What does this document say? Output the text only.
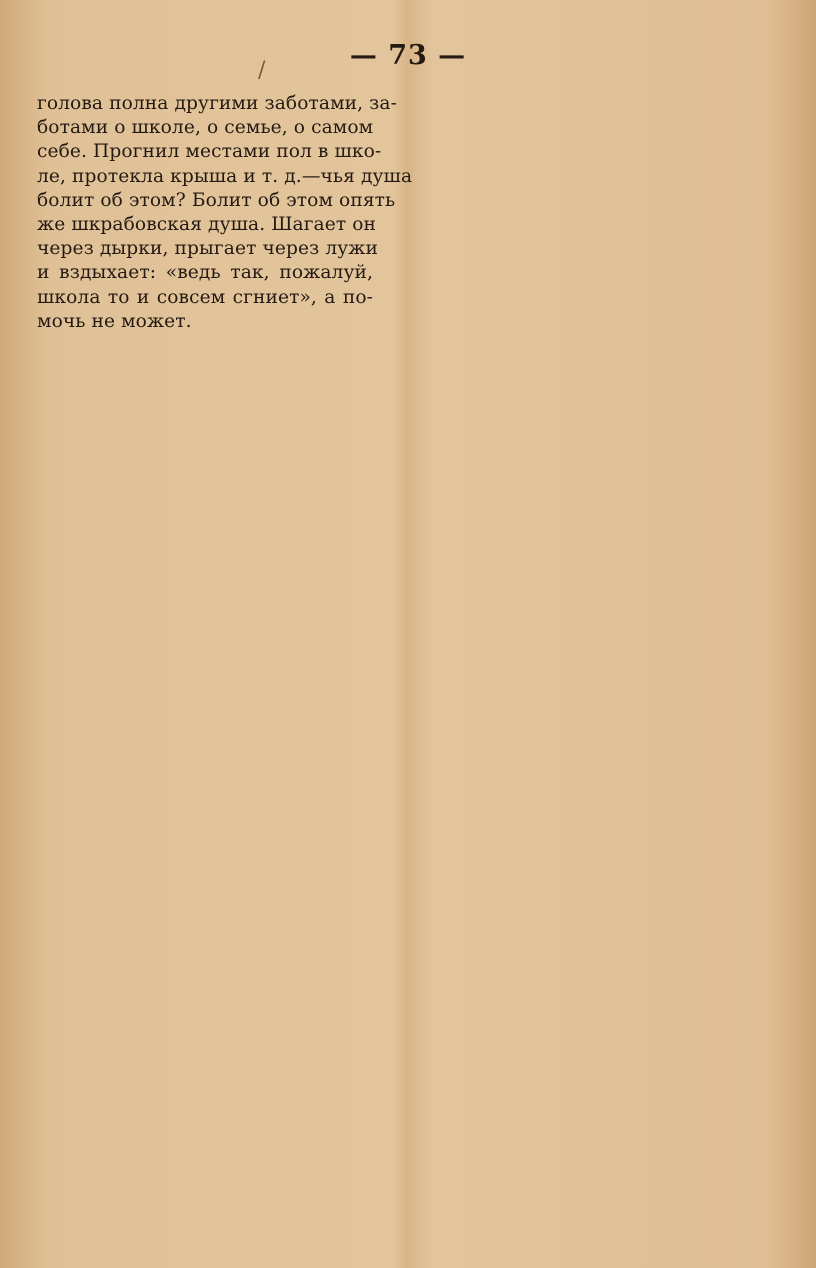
— 73 —
/
голова полна другими заботами, за-
ботами о школе, о семье, о самом
себе. Прогнил местами пол в шко-
ле, протекла крыша и т. д.—чья душа
болит об этом? Болит об этом опять
же шкрабовская душа. Шагает он
через дырки, прыгает через лужи
и вздыхает: «ведь так, пожалуй,
школа то и совсем сгниет», а по-
мочь не может.
